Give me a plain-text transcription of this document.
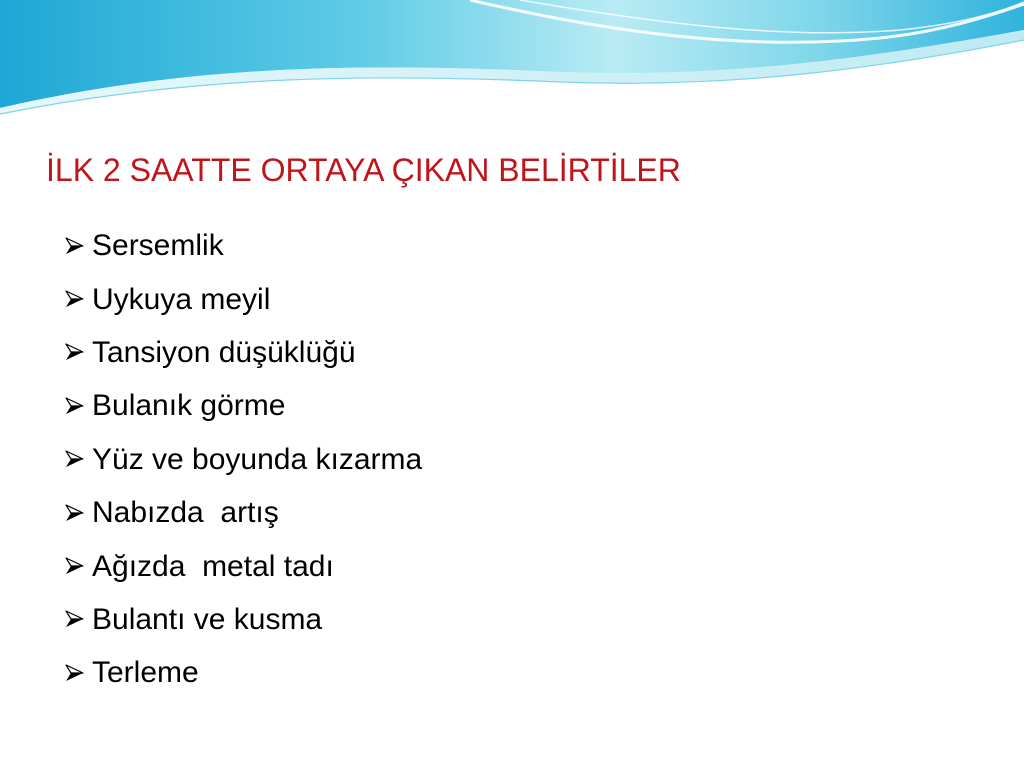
İLK 2 SAATTE ORTAYA ÇIKAN BELİRTİLER
Sersemlik
Uykuya meyil
Tansiyon düşüklüğü
Bulanık görme
Yüz ve boyunda kızarma
Nabızda  artış
Ağızda  metal tadı
Bulantı ve kusma
Terleme
